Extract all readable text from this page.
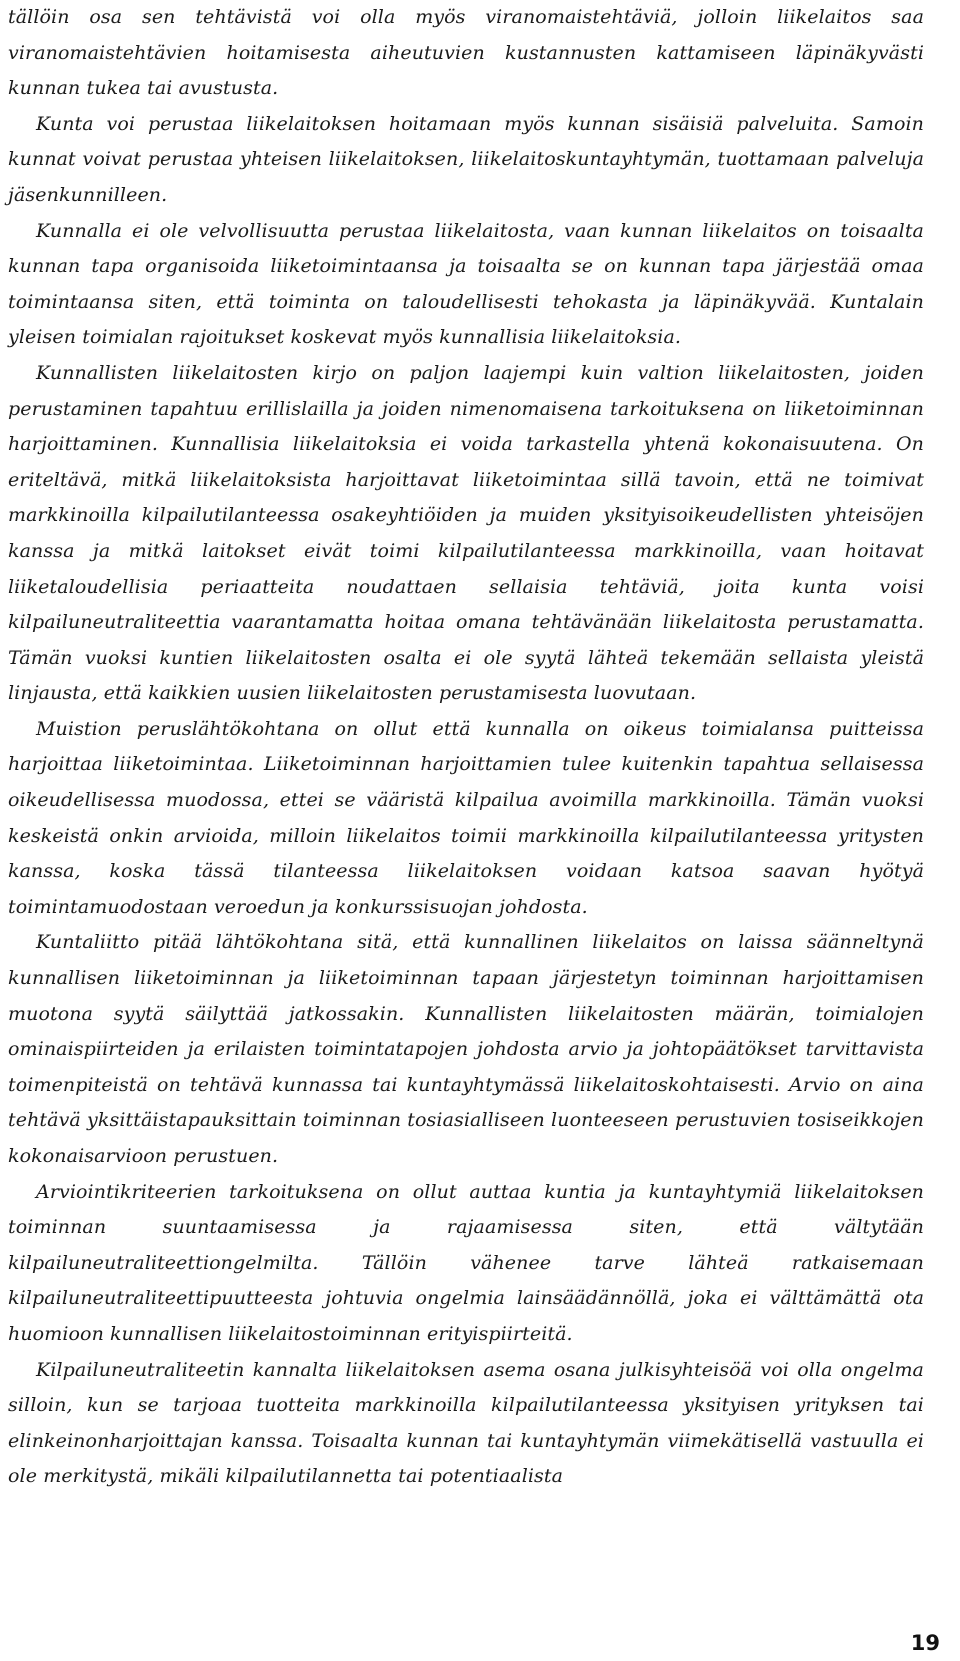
tällöin osa sen tehtävistä voi olla myös viranomaistehtäviä, jolloin liikelaitos saa viranomaistehtävien hoitamisesta aiheutuvien kustannusten kattamiseen läpinäkyvästi kunnan tukea tai avustusta.

Kunta voi perustaa liikelaitoksen hoitamaan myös kunnan sisäisiä palveluita. Samoin kunnat voivat perustaa yhteisen liikelaitoksen, liikelaitoskuntayhtymän, tuottamaan palveluja jäsenkunnilleen.

Kunnalla ei ole velvollisuutta perustaa liikelaitosta, vaan kunnan liikelaitos on toisaalta kunnan tapa organisoida liiketoimintaansa ja toisaalta se on kunnan tapa järjestää omaa toimintaansa siten, että toiminta on taloudellisesti tehokasta ja läpinäkyvää. Kuntalain yleisen toimialan rajoitukset koskevat myös kunnallisia liikelaitoksia.

Kunnallisten liikelaitosten kirjo on paljon laajempi kuin valtion liikelaitosten, joiden perustaminen tapahtuu erillislailla ja joiden nimenomaisena tarkoituksena on liiketoiminnan harjoittaminen. Kunnallisia liikelaitoksia ei voida tarkastella yhtenä kokonaisuutena. On eriteltävä, mitkä liikelaitoksista harjoittavat liiketoimintaa sillä tavoin, että ne toimivat markkinoilla kilpailutilanteessa osakeyhtiöiden ja muiden yksityisoikeudellisten yhteisöjen kanssa ja mitkä laitokset eivät toimi kilpailutilanteessa markkinoilla, vaan hoitavat liiketaloudellisia periaatteita noudattaen sellaisia tehtäviä, joita kunta voisi kilpailuneutraliteettia vaarantamatta hoitaa omana tehtävänään liikelaitosta perustamatta. Tämän vuoksi kuntien liikelaitosten osalta ei ole syytä lähteä tekemään sellaista yleistä linjausta, että kaikkien uusien liikelaitosten perustamisesta luovutaan.

Muistion peruslähtökohtana on ollut että kunnalla on oikeus toimialansa puitteissa harjoittaa liiketoimintaa. Liiketoiminnan harjoittamien tulee kuitenkin tapahtua sellaisessa oikeudellisessa muodossa, ettei se vääristä kilpailua avoimilla markkinoilla. Tämän vuoksi keskeistä onkin arvioida, milloin liikelaitos toimii markkinoilla kilpailutilanteessa yritysten kanssa, koska tässä tilanteessa liikelaitoksen voidaan katsoa saavan hyötyä toimintamuodostaan veroedun ja konkurssisuojan johdosta.

Kuntaliitto pitää lähtökohtana sitä, että kunnallinen liikelaitos on laissa säänneltynä kunnallisen liiketoiminnan ja liiketoiminnan tapaan järjestetyn toiminnan harjoittamisen muotona syytä säilyttää jatkossakin. Kunnallisten liikelaitosten määrän, toimialojen ominaispiirteiden ja erilaisten toimintatapojen johdosta arvio ja johtopäätökset tarvittavista toimenpiteistä on tehtävä kunnassa tai kuntayhtymässä liikelaitoskohtaisesti. Arvio on aina tehtävä yksittäistapauksittain toiminnan tosiasialliseen luonteeseen perustuvien tosiseikkojen kokonaisarvioon perustuen.

Arviointikriteerien tarkoituksena on ollut auttaa kuntia ja kuntayhtymiä liikelaitoksen toiminnan suuntaamisessa ja rajaamisessa siten, että vältytään kilpailuneutraliteettiongelmilta. Tällöin vähenee tarve lähteä ratkaisemaan kilpailuneutraliteettipuutteesta johtuvia ongelmia lainsäädännöllä, joka ei välttämättä ota huomioon kunnallisen liikelaitostoiminnan erityispiirteitä.

Kilpailuneutraliteetin kannalta liikelaitoksen asema osana julkisyhteisöä voi olla ongelma silloin, kun se tarjoaa tuotteita markkinoilla kilpailutilanteessa yksityisen yrityksen tai elinkeinonharjoittajan kanssa. Toisaalta kunnan tai kuntayhtymän viimekätisellä vastuulla ei ole merkitystä, mikäli kilpailutilannetta tai potentiaalista

19
